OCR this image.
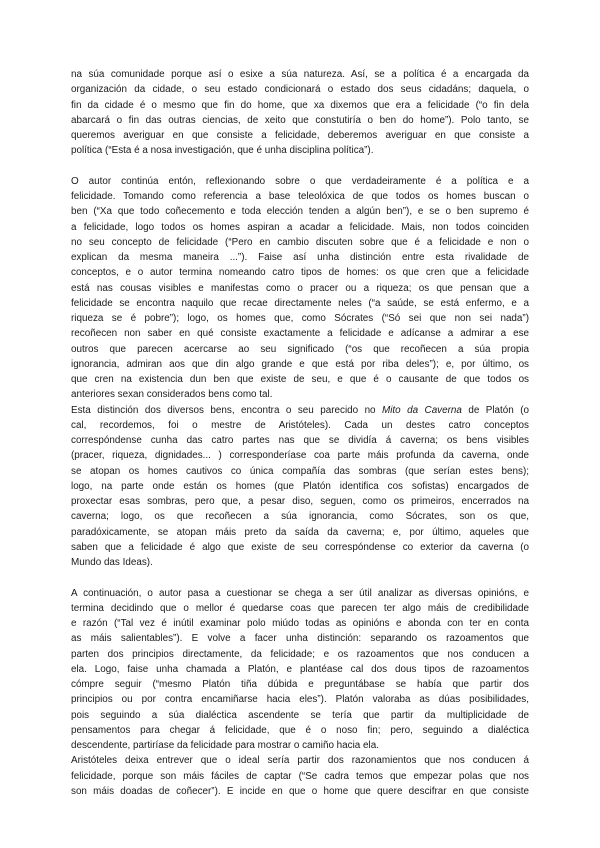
na súa comunidade porque así o esixe a súa natureza. Así, se a política é a encargada da
organización da cidade, o seu estado condicionará o estado dos seus cidadáns; daquela, o
fin da cidade é o mesmo que fin do home, que xa dixemos que era a felicidade (“o fin dela
abarcará o fin das outras ciencias, de xeito que constutiría o ben do home”). Polo tanto, se
queremos averiguar en que consiste a felicidade, deberemos averiguar en que consiste a
política (“Esta é a nosa investigación, que é unha disciplina política”).

O autor continúa entón, reflexionando sobre o que verdadeiramente é a política e a
felicidade. Tomando como referencia a base teleolóxica de que todos os homes buscan o
ben (“Xa que todo coñecemento e toda elección tenden a algún ben”), e se o ben supremo é
a felicidade, logo todos os homes aspiran a acadar a felicidade. Mais, non todos coinciden
no seu concepto de felicidade (“Pero en cambio discuten sobre que é a felicidade e non o
explican da mesma maneira ...”). Faise así unha distinción entre esta rivalidade de
conceptos, e o autor termina nomeando catro tipos de homes: os que cren que a felicidade
está nas cousas visibles e manifestas como o pracer ou a riqueza; os que pensan que a
felicidade se encontra naquilo que recae directamente neles (“a saúde, se está enfermo, e a
riqueza se é pobre”); logo, os homes que, como Sócrates (“Só sei que non sei nada”)
recoñecen non saber en qué consiste exactamente a felicidade e adícanse a admirar a ese
outros que parecen acercarse ao seu significado (“os que recoñecen a súa propia
ignorancia, admiran aos que din algo grande e que está por riba deles”); e, por último, os
que cren na existencia dun ben que existe de seu, e que é o causante de que todos os
anteriores sexan considerados bens como tal.

Esta distinción dos diversos bens, encontra o seu parecido no Mito da Caverna de Platón (o
cal, recordemos, foi o mestre de Aristóteles). Cada un destes catro conceptos
correspóndense cunha das catro partes nas que se dividía á caverna; os bens visibles
(pracer, riqueza, dignidades... ) corresponderíase coa parte máis profunda da caverna, onde
se atopan os homes cautivos co única compañía das sombras (que serían estes bens);
logo, na parte onde están os homes (que Platón identifica cos sofistas) encargados de
proxectar esas sombras, pero que, a pesar diso, seguen, como os primeiros, encerrados na
caverna; logo, os que recoñecen a súa ignorancia, como Sócrates, son os que,
paradóxicamente, se atopan máis preto da saída da caverna; e, por último, aqueles que
saben que a felicidade é algo que existe de seu correspóndense co exterior da caverna (o
Mundo das Ideas).

A continuación, o autor pasa a cuestionar se chega a ser útil analizar as diversas opinións, e
termina decidindo que o mellor é quedarse coas que parecen ter algo máis de credibilidade
e razón (“Tal vez é inútil examinar polo miúdo todas as opinións e abonda con ter en conta
as máis salientables”). E volve a facer unha distinción: separando os razoamentos que
parten dos principios directamente, da felicidade; e os razoamentos que nos conducen a
ela. Logo, faise unha chamada a Platón, e plantéase cal dos dous tipos de razoamentos
cómpre seguir (“mesmo Platón tiña dúbida e preguntábase se había que partir dos
principios ou por contra encamiñarse hacia eles”). Platón valoraba as dúas posibilidades,
pois seguindo a súa dialéctica ascendente se tería que partir da multiplicidade de
pensamentos para chegar á felicidade, que é o noso fin; pero, seguindo a dialéctica
descendente, partiríase da felicidade para mostrar o camiño hacia ela.

Aristóteles deixa entrever que o ideal sería partir dos razonamientos que nos conducen á
felicidade, porque son máis fáciles de captar (“Se cadra temos que empezar polas que nos
son máis doadas de coñecer”). E incide en que o home que quere descifrar en que consiste
